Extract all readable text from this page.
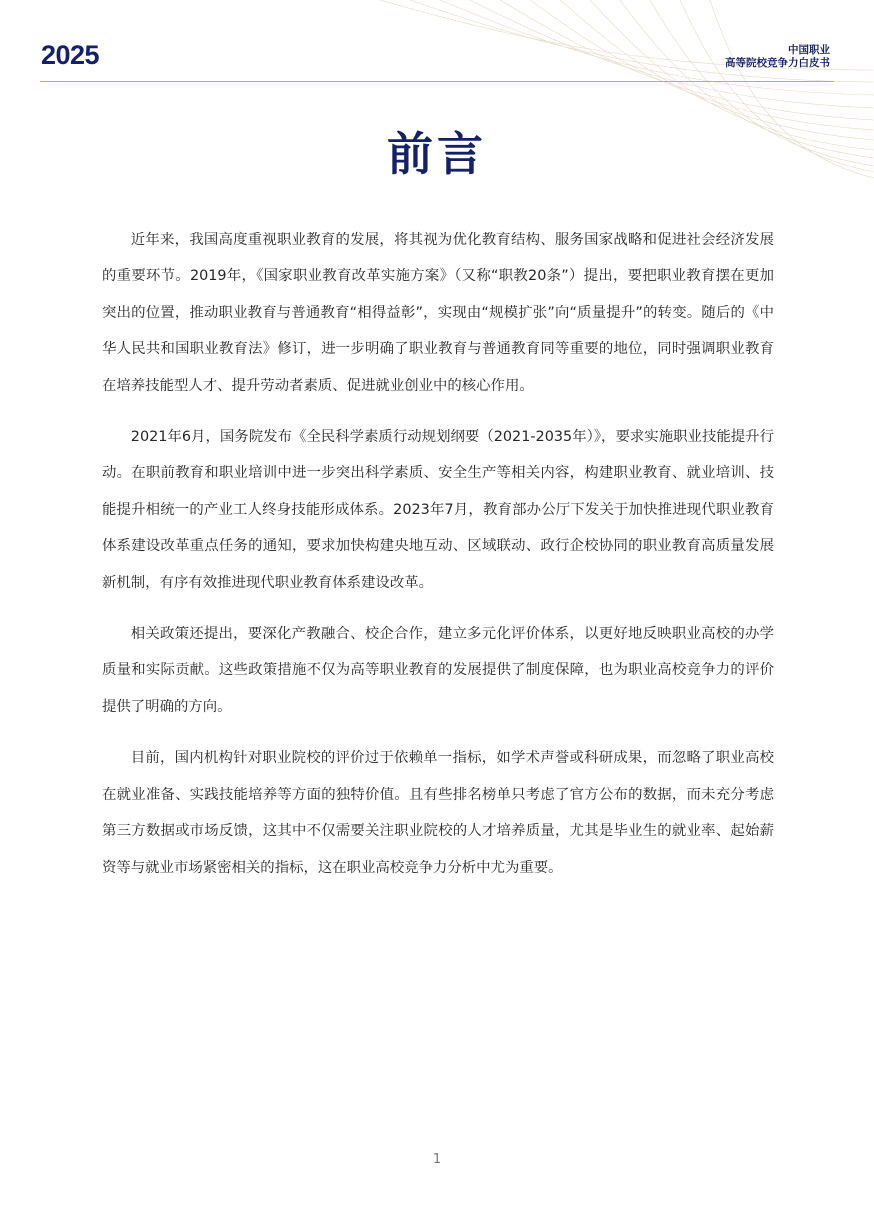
2025	中国职业
高等院校竞争力白皮书
前言

近年来，我国高度重视职业教育的发展，将其视为优化教育结构、服务国家战略和促进社会经济发展的重要环节。2019年，《国家职业教育改革实施方案》（又称“职教20条”）提出，要把职业教育摆在更加突出的位置，推动职业教育与普通教育“相得益彰”，实现由“规模扩张”向“质量提升”的转变。随后的《中华人民共和国职业教育法》修订，进一步明确了职业教育与普通教育同等重要的地位，同时强调职业教育在培养技能型人才、提升劳动者素质、促进就业创业中的核心作用。

2021年6月，国务院发布《全民科学素质行动规划纲要（2021-2035年）》，要求实施职业技能提升行动。在职前教育和职业培训中进一步突出科学素质、安全生产等相关内容，构建职业教育、就业培训、技能提升相统一的产业工人终身技能形成体系。2023年7月，教育部办公厅下发关于加快推进现代职业教育体系建设改革重点任务的通知，要求加快构建央地互动、区域联动、政行企校协同的职业教育高质量发展新机制，有序有效推进现代职业教育体系建设改革。

相关政策还提出，要深化产教融合、校企合作，建立多元化评价体系，以更好地反映职业高校的办学质量和实际贡献。这些政策措施不仅为高等职业教育的发展提供了制度保障，也为职业高校竞争力的评价提供了明确的方向。

目前，国内机构针对职业院校的评价过于依赖单一指标，如学术声誉或科研成果，而忽略了职业高校在就业准备、实践技能培养等方面的独特价值。且有些排名榜单只考虑了官方公布的数据，而未充分考虑第三方数据或市场反馈，这其中不仅需要关注职业院校的人才培养质量，尤其是毕业生的就业率、起始薪资等与就业市场紧密相关的指标，这在职业高校竞争力分析中尤为重要。

1
